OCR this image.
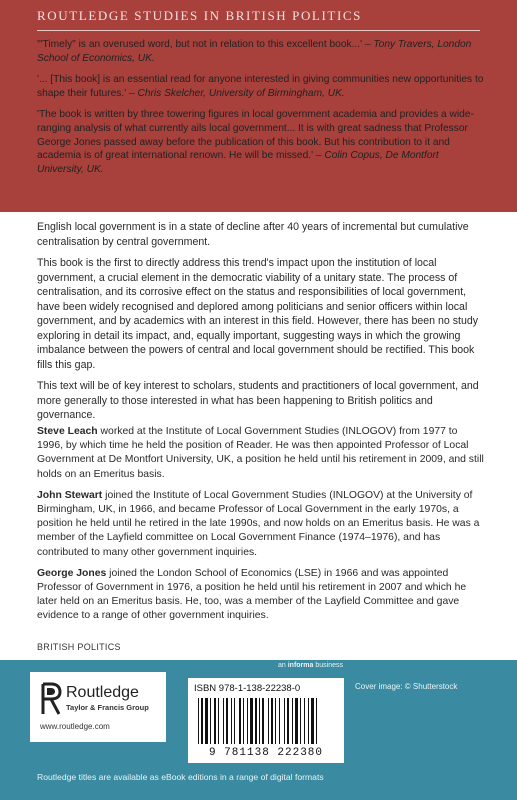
ROUTLEDGE STUDIES IN BRITISH POLITICS

'"Timely" is an overused word, but not in relation to this excellent book...' – Tony Travers, London School of Economics, UK.

'... [This book] is an essential read for anyone interested in giving communities new opportunities to shape their futures.' – Chris Skelcher, University of Birmingham, UK.

'The book is written by three towering figures in local government academia and provides a wide-ranging analysis of what currently ails local government... It is with great sadness that Professor George Jones passed away before the publication of this book. But his contribution to it and academia is of great international renown. He will be missed.' – Colin Copus, De Montfort University, UK.

English local government is in a state of decline after 40 years of incremental but cumulative centralisation by central government.

This book is the first to directly address this trend's impact upon the institution of local government, a crucial element in the democratic viability of a unitary state. The process of centralisation, and its corrosive effect on the status and responsibilities of local government, have been widely recognised and deplored among politicians and senior officers within local government, and by academics with an interest in this field. However, there has been no study exploring in detail its impact, and, equally important, suggesting ways in which the growing imbalance between the powers of central and local government should be rectified. This book fills this gap.

This text will be of key interest to scholars, students and practitioners of local government, and more generally to those interested in what has been happening to British politics and governance.

Steve Leach worked at the Institute of Local Government Studies (INLOGOV) from 1977 to 1996, by which time he held the position of Reader. He was then appointed Professor of Local Government at De Montfort University, UK, a position he held until his retirement in 2009, and still holds on an Emeritus basis.

John Stewart joined the Institute of Local Government Studies (INLOGOV) at the University of Birmingham, UK, in 1966, and became Professor of Local Government in the early 1970s, a position he held until he retired in the late 1990s, and now holds on an Emeritus basis. He was a member of the Layfield committee on Local Government Finance (1974–1976), and has contributed to many other government inquiries.

George Jones joined the London School of Economics (LSE) in 1966 and was appointed Professor of Government in 1976, a position he held until his retirement in 2007 and which he later held on an Emeritus basis. He, too, was a member of the Layfield Committee and gave evidence to a range of other government inquiries.

BRITISH POLITICS
an informa business
Routledge
Taylor & Francis Group
www.routledge.com
ISBN 978-1-138-22238-0
9 781138 222380
Cover image: © Shutterstock
Routledge titles are available as eBook editions in a range of digital formats
